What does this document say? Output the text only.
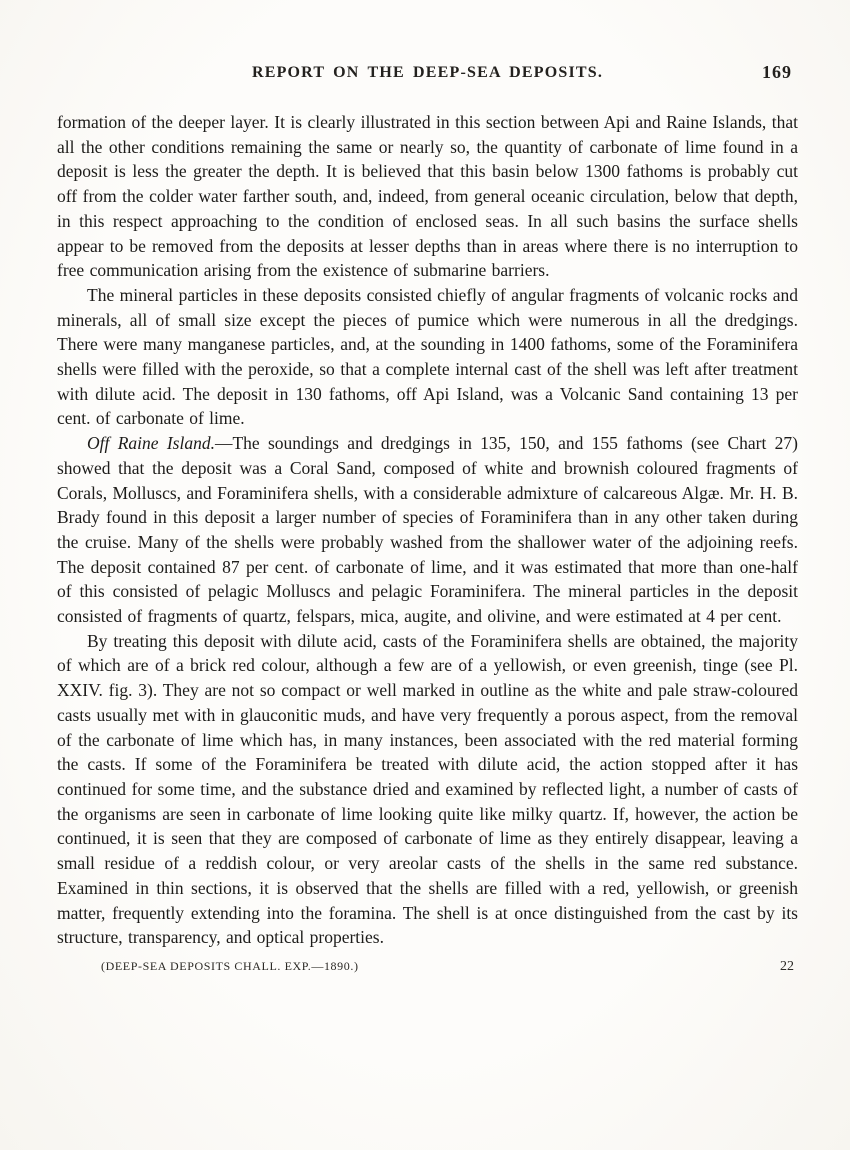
REPORT ON THE DEEP-SEA DEPOSITS.	169

formation of the deeper layer. It is clearly illustrated in this section between Api and Raine Islands, that all the other conditions remaining the same or nearly so, the quantity of carbonate of lime found in a deposit is less the greater the depth. It is believed that this basin below 1300 fathoms is probably cut off from the colder water farther south, and, indeed, from general oceanic circulation, below that depth, in this respect approaching to the condition of enclosed seas. In all such basins the surface shells appear to be removed from the deposits at lesser depths than in areas where there is no interruption to free communication arising from the existence of submarine barriers.

The mineral particles in these deposits consisted chiefly of angular fragments of volcanic rocks and minerals, all of small size except the pieces of pumice which were numerous in all the dredgings. There were many manganese particles, and, at the sounding in 1400 fathoms, some of the Foraminifera shells were filled with the peroxide, so that a complete internal cast of the shell was left after treatment with dilute acid. The deposit in 130 fathoms, off Api Island, was a Volcanic Sand containing 13 per cent. of carbonate of lime.

Off Raine Island.—The soundings and dredgings in 135, 150, and 155 fathoms (see Chart 27) showed that the deposit was a Coral Sand, composed of white and brownish coloured fragments of Corals, Molluscs, and Foraminifera shells, with a considerable admixture of calcareous Algæ. Mr. H. B. Brady found in this deposit a larger number of species of Foraminifera than in any other taken during the cruise. Many of the shells were probably washed from the shallower water of the adjoining reefs. The deposit contained 87 per cent. of carbonate of lime, and it was estimated that more than one-half of this consisted of pelagic Molluscs and pelagic Foraminifera. The mineral particles in the deposit consisted of fragments of quartz, felspars, mica, augite, and olivine, and were estimated at 4 per cent.

By treating this deposit with dilute acid, casts of the Foraminifera shells are obtained, the majority of which are of a brick red colour, although a few are of a yellowish, or even greenish, tinge (see Pl. XXIV. fig. 3). They are not so compact or well marked in outline as the white and pale straw-coloured casts usually met with in glauconitic muds, and have very frequently a porous aspect, from the removal of the carbonate of lime which has, in many instances, been associated with the red material forming the casts. If some of the Foraminifera be treated with dilute acid, the action stopped after it has continued for some time, and the substance dried and examined by reflected light, a number of casts of the organisms are seen in carbonate of lime looking quite like milky quartz. If, however, the action be continued, it is seen that they are composed of carbonate of lime as they entirely disappear, leaving a small residue of a reddish colour, or very areolar casts of the shells in the same red substance. Examined in thin sections, it is observed that the shells are filled with a red, yellowish, or greenish matter, frequently extending into the foramina. The shell is at once distinguished from the cast by its structure, transparency, and optical properties.

(DEEP-SEA DEPOSITS CHALL. EXP.—1890.)	22
